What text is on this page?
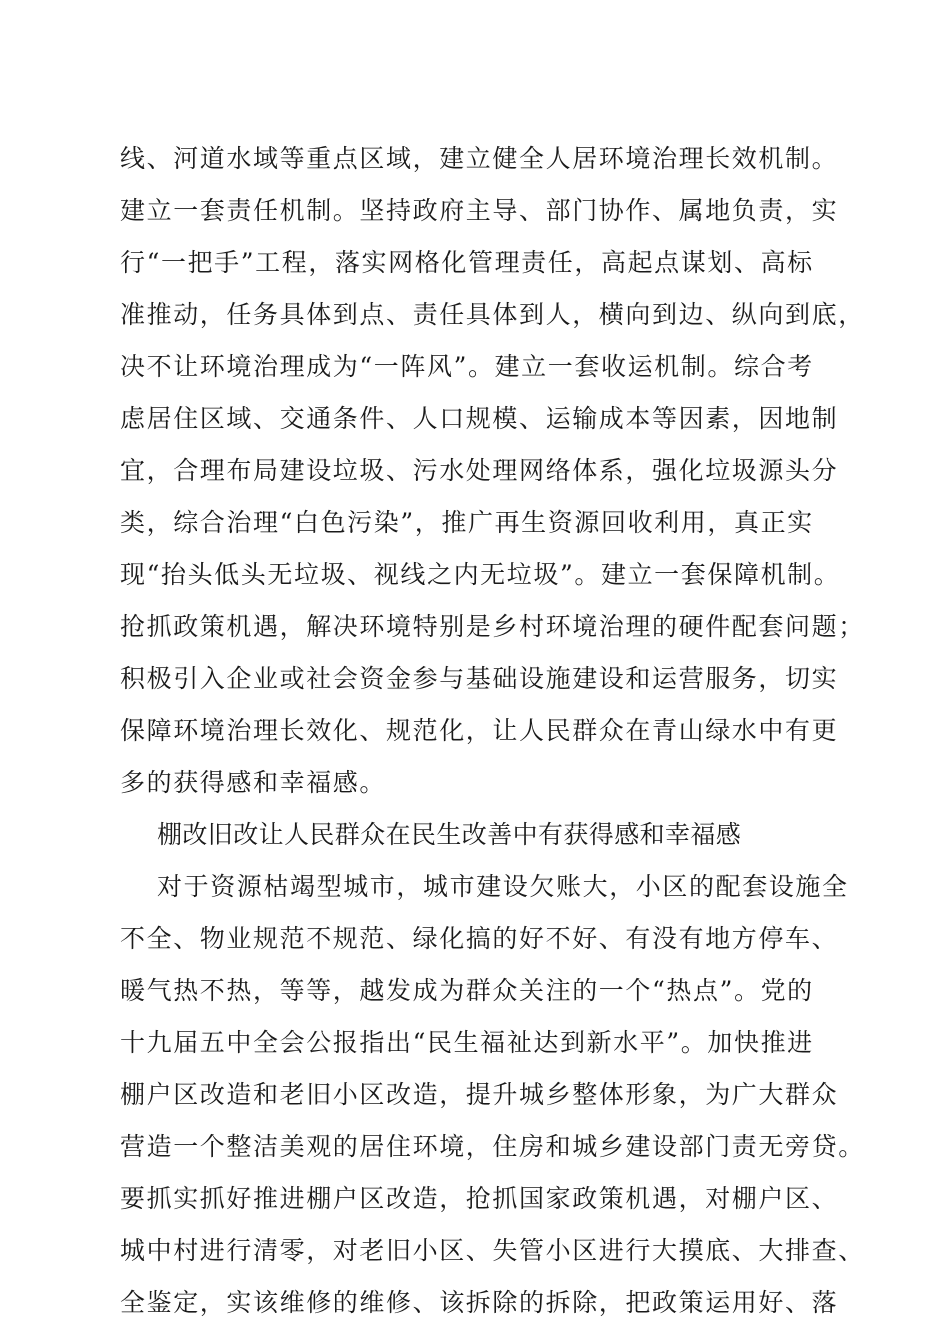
线、河道水域等重点区域，建立健全人居环境治理长效机制。
建立一套责任机制。坚持政府主导、部门协作、属地负责，实
行“一把手”工程，落实网格化管理责任，高起点谋划、高标
准推动，任务具体到点、责任具体到人，横向到边、纵向到底，
决不让环境治理成为“一阵风”。建立一套收运机制。综合考
虑居住区域、交通条件、人口规模、运输成本等因素，因地制
宜，合理布局建设垃圾、污水处理网络体系，强化垃圾源头分
类，综合治理“白色污染”，推广再生资源回收利用，真正实
现“抬头低头无垃圾、视线之内无垃圾”。建立一套保障机制。
抢抓政策机遇，解决环境特别是乡村环境治理的硬件配套问题；
积极引入企业或社会资金参与基础设施建设和运营服务，切实
保障环境治理长效化、规范化，让人民群众在青山绿水中有更
多的获得感和幸福感。
棚改旧改让人民群众在民生改善中有获得感和幸福感
对于资源枯竭型城市，城市建设欠账大，小区的配套设施全
不全、物业规范不规范、绿化搞的好不好、有没有地方停车、
暖气热不热，等等，越发成为群众关注的一个“热点”。党的
十九届五中全会公报指出“民生福祉达到新水平”。加快推进
棚户区改造和老旧小区改造，提升城乡整体形象，为广大群众
营造一个整洁美观的居住环境，住房和城乡建设部门责无旁贷。
要抓实抓好推进棚户区改造，抢抓国家政策机遇，对棚户区、
城中村进行清零，对老旧小区、失管小区进行大摸底、大排查、
全鉴定，实该维修的维修、该拆除的拆除，把政策运用好、落
